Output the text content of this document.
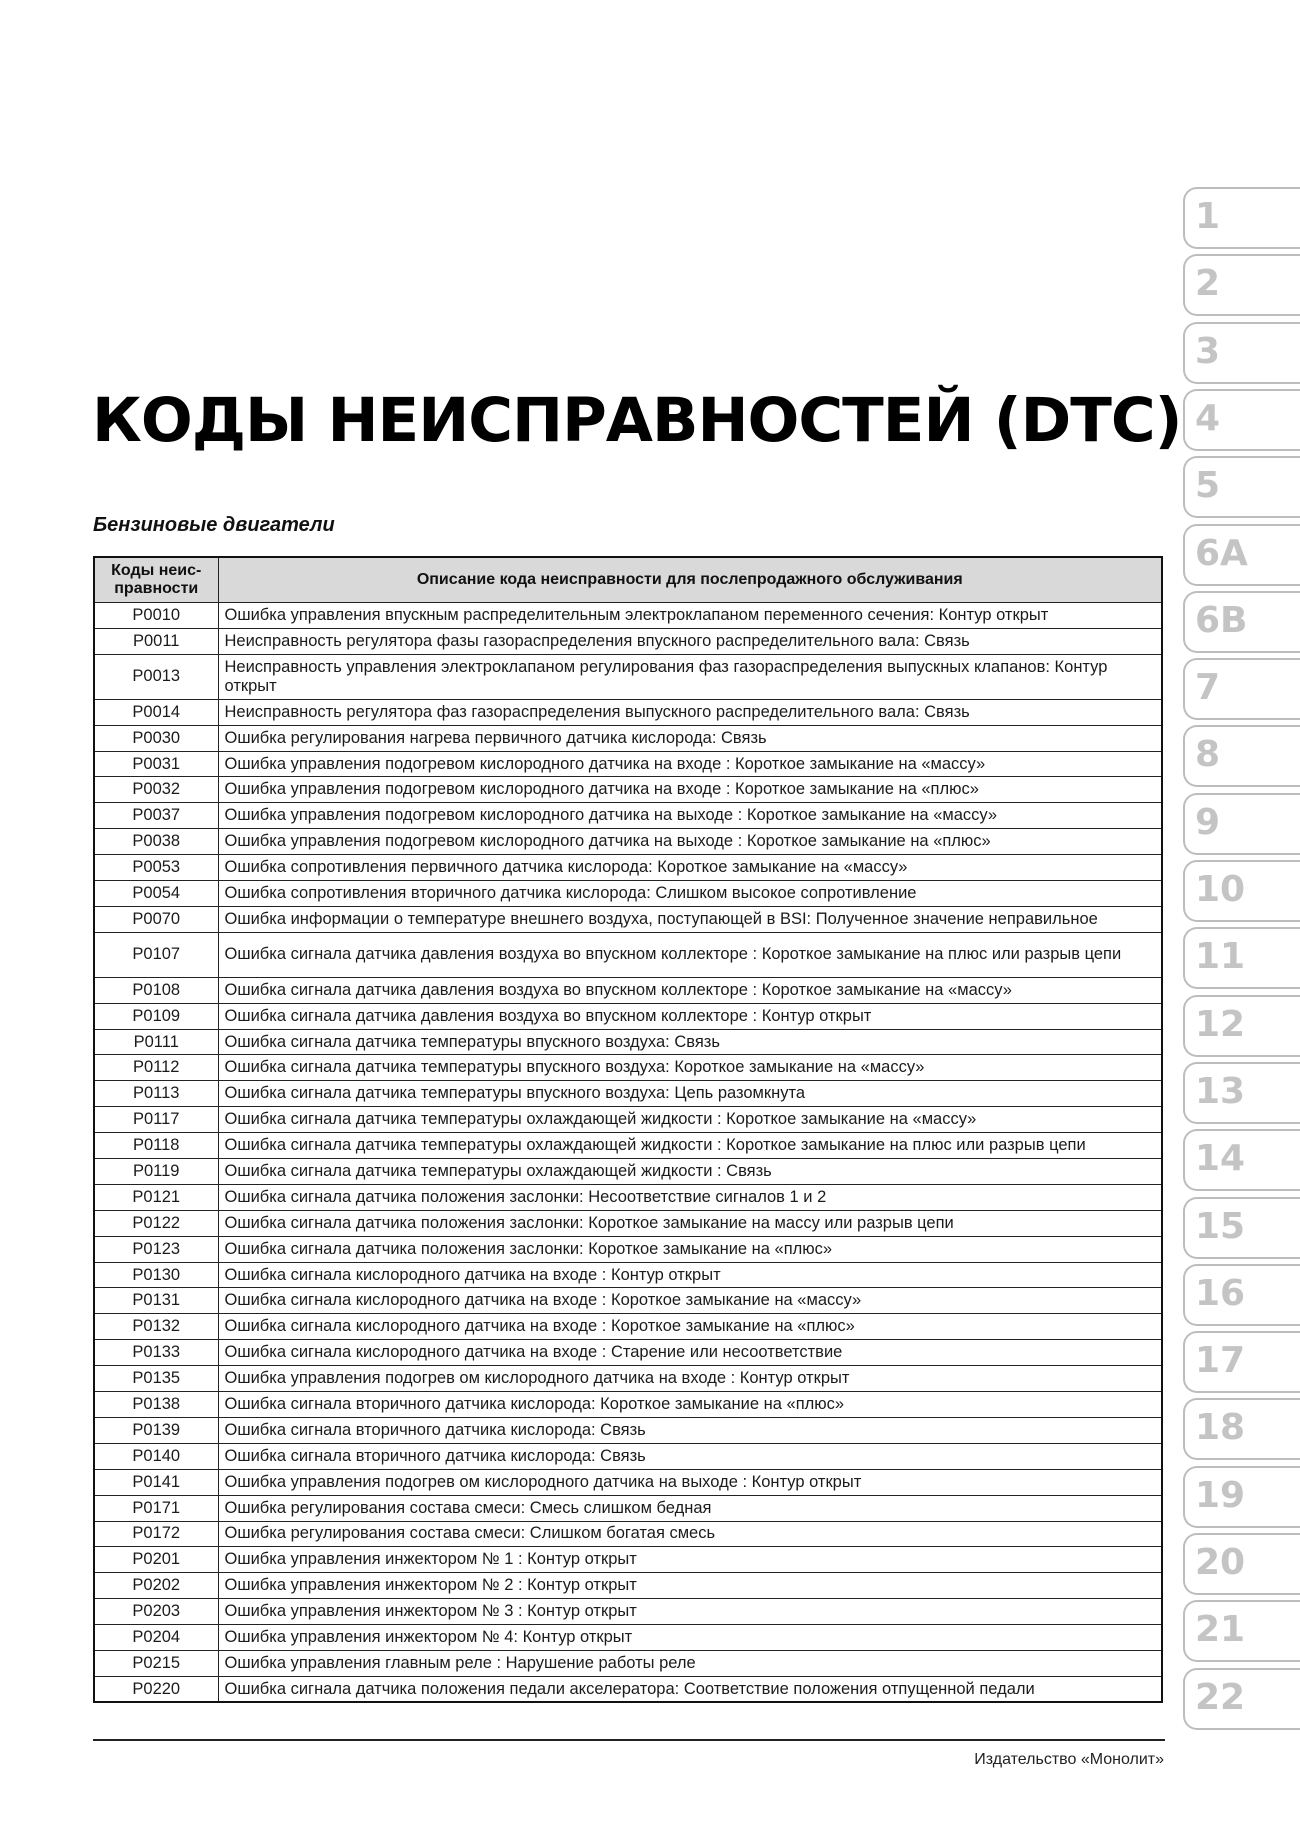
КОДЫ НЕИСПРАВНОСТЕЙ (DTC)
Бензиновые двигатели
Коды неис-правности	Описание кода неисправности для послепродажного обслуживания
P0010	Ошибка управления впускным распределительным электроклапаном переменного сечения: Контур открыт
P0011	Неисправность регулятора фазы газораспределения впускного распределительного вала: Связь
P0013	Неисправность управления электроклапаном регулирования фаз газораспределения выпускных клапанов: Контур открыт
P0014	Неисправность регулятора фаз газораспределения выпускного распределительного вала: Связь
P0030	Ошибка регулирования нагрева первичного датчика кислорода: Связь
P0031	Ошибка управления подогревом кислородного датчика на входе : Короткое замыкание на «массу»
P0032	Ошибка управления подогревом кислородного датчика на входе : Короткое замыкание на «плюс»
P0037	Ошибка управления подогревом кислородного датчика на выходе : Короткое замыкание на «массу»
P0038	Ошибка управления подогревом кислородного датчика на выходе : Короткое замыкание на «плюс»
P0053	Ошибка сопротивления первичного датчика кислорода: Короткое замыкание на «массу»
P0054	Ошибка сопротивления вторичного датчика кислорода: Слишком высокое сопротивление
P0070	Ошибка информации о температуре внешнего воздуха, поступающей в BSI: Полученное значение неправильное
P0107	Ошибка сигнала датчика давления воздуха во впускном коллекторе : Короткое замыкание на плюс или разрыв цепи
P0108	Ошибка сигнала датчика давления воздуха во впускном коллекторе : Короткое замыкание на «массу»
P0109	Ошибка сигнала датчика давления воздуха во впускном коллекторе : Контур открыт
P0111	Ошибка сигнала датчика температуры впускного воздуха: Связь
P0112	Ошибка сигнала датчика температуры впускного воздуха: Короткое замыкание на «массу»
P0113	Ошибка сигнала датчика температуры впускного воздуха: Цепь разомкнута
P0117	Ошибка сигнала датчика температуры охлаждающей жидкости : Короткое замыкание на «массу»
P0118	Ошибка сигнала датчика температуры охлаждающей жидкости : Короткое замыкание на плюс или разрыв цепи
P0119	Ошибка сигнала датчика температуры охлаждающей жидкости : Связь
P0121	Ошибка сигнала датчика положения заслонки: Несоответствие сигналов 1 и 2
P0122	Ошибка сигнала датчика положения заслонки: Короткое замыкание на массу или разрыв цепи
P0123	Ошибка сигнала датчика положения заслонки: Короткое замыкание на «плюс»
P0130	Ошибка сигнала кислородного датчика на входе : Контур открыт
P0131	Ошибка сигнала кислородного датчика на входе : Короткое замыкание на «массу»
P0132	Ошибка сигнала кислородного датчика на входе : Короткое замыкание на «плюс»
P0133	Ошибка сигнала кислородного датчика на входе : Старение или несоответствие
P0135	Ошибка управления подогрев ом кислородного датчика на входе : Контур открыт
P0138	Ошибка сигнала вторичного датчика кислорода: Короткое замыкание на «плюс»
P0139	Ошибка сигнала вторичного датчика кислорода: Связь
P0140	Ошибка сигнала вторичного датчика кислорода: Связь
P0141	Ошибка управления подогрев ом кислородного датчика на выходе : Контур открыт
P0171	Ошибка регулирования состава смеси: Смесь слишком бедная
P0172	Ошибка регулирования состава смеси: Слишком богатая смесь
P0201	Ошибка управления инжектором № 1 : Контур открыт
P0202	Ошибка управления инжектором № 2 : Контур открыт
P0203	Ошибка управления инжектором № 3 : Контур открыт
P0204	Ошибка управления инжектором № 4: Контур открыт
P0215	Ошибка управления главным реле : Нарушение работы реле
P0220	Ошибка сигнала датчика положения педали акселератора: Соответствие положения отпущенной педали
1
2
3
4
5
6A
6B
7
8
9
10
11
12
13
14
15
16
17
18
19
20
21
22
Издательство «Монолит»
